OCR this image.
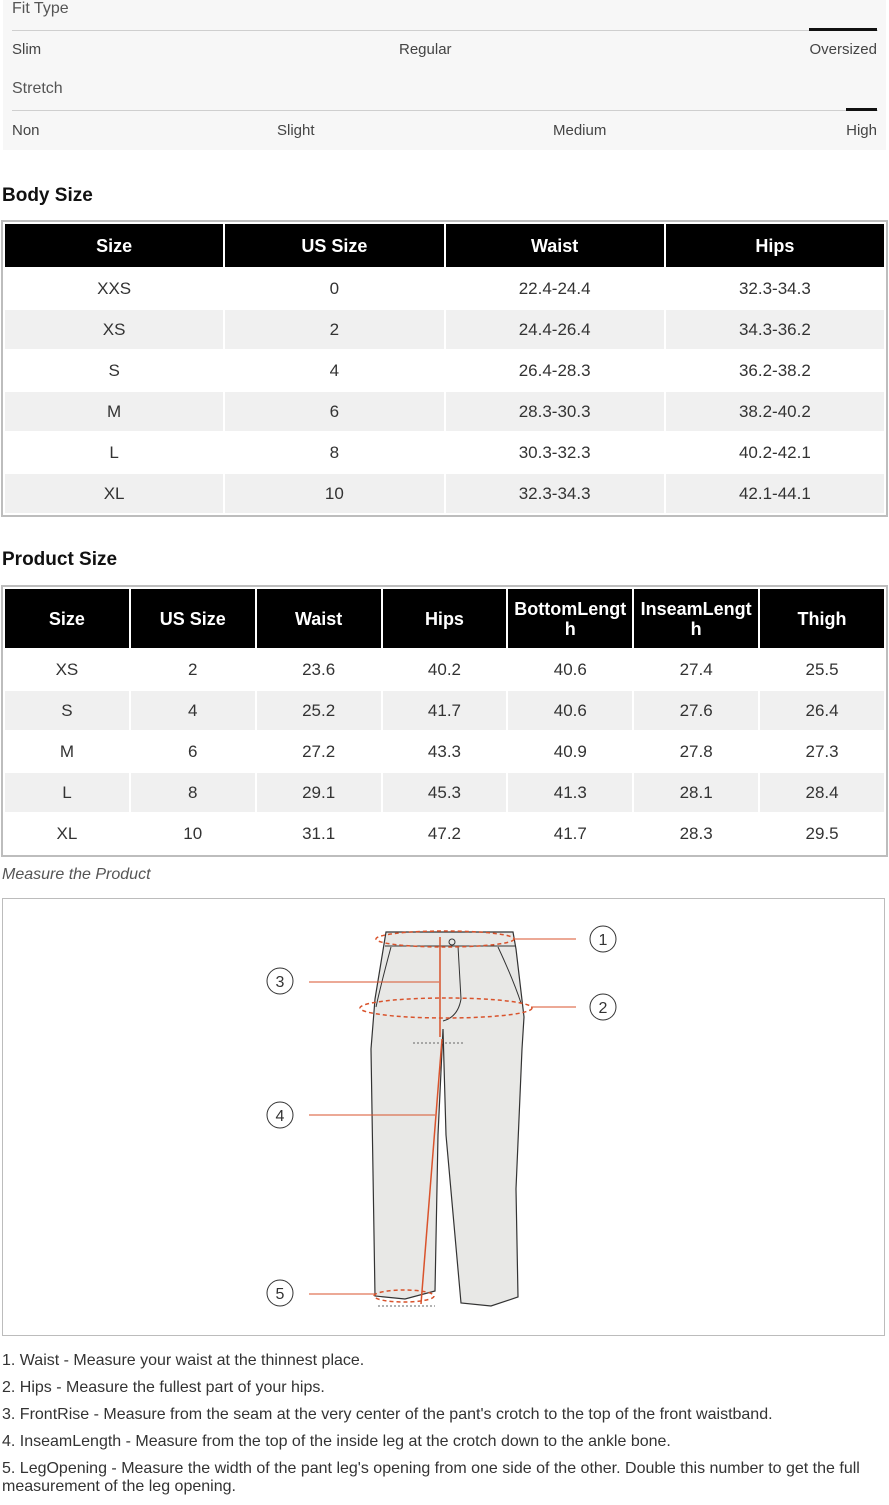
Fit Type
Slim	Regular	Oversized
Stretch
Non	Slight	Medium	High
Body Size
Size	US Size	Waist	Hips
XXS	0	22.4-24.4	32.3-34.3
XS	2	24.4-26.4	34.3-36.2
S	4	26.4-28.3	36.2-38.2
M	6	28.3-30.3	38.2-40.2
L	8	30.3-32.3	40.2-42.1
XL	10	32.3-34.3	42.1-44.1
Product Size
Size	US Size	Waist	Hips	BottomLength	InseamLength	Thigh
XS	2	23.6	40.2	40.6	27.4	25.5
S	4	25.2	41.7	40.6	27.6	26.4
M	6	27.2	43.3	40.9	27.8	27.3
L	8	29.1	45.3	41.3	28.1	28.4
XL	10	31.1	47.2	41.7	28.3	29.5
Measure the Product
1
2
3
4
5

1. Waist - Measure your waist at the thinnest place.

2. Hips - Measure the fullest part of your hips.

3. FrontRise - Measure from the seam at the very center of the pant's crotch to the top of the front waistband.

4. InseamLength - Measure from the top of the inside leg at the crotch down to the ankle bone.

5. LegOpening - Measure the width of the pant leg's opening from one side of the other. Double this number to get the full measurement of the leg opening.
